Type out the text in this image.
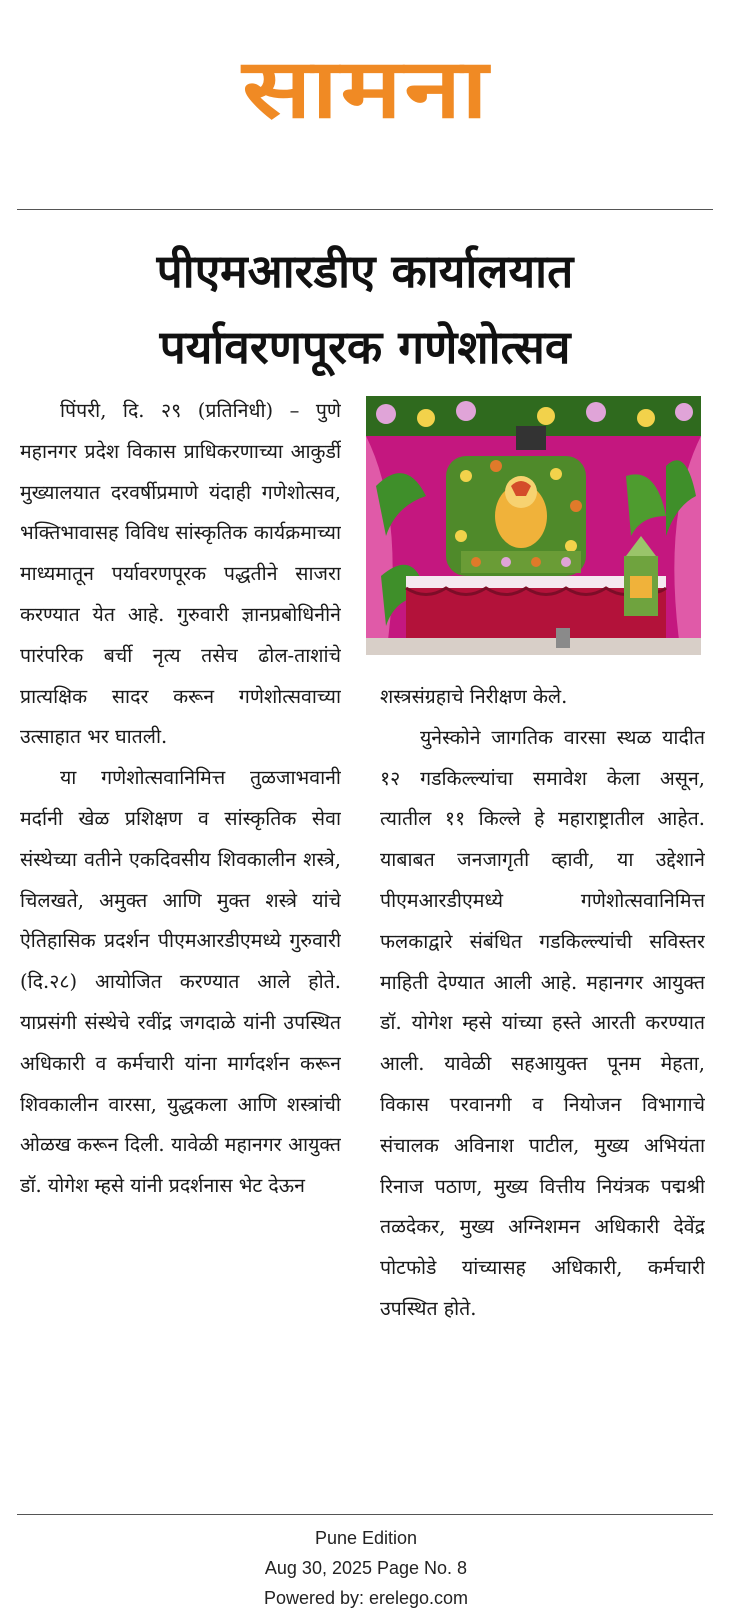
सामना
पीएमआरडीए कार्यालयात
पर्यावरणपूरक गणेशोत्सव

पिंपरी, दि. २९ (प्रतिनिधी) – पुणे महानगर प्रदेश विकास प्राधिकरणाच्या आकुर्डी मुख्यालयात दरवर्षीप्रमाणे यंदाही गणेशोत्सव, भक्तिभावासह विविध सांस्कृतिक कार्यक्रमाच्या माध्यमातून पर्यावरणपूरक पद्धतीने साजरा करण्यात येत आहे. गुरुवारी ज्ञानप्रबोधिनीने पारंपरिक बर्ची नृत्य तसेच ढोल-ताशांचे प्रात्यक्षिक सादर करून गणेशोत्सवाच्या उत्साहात भर घातली.

या गणेशोत्सवानिमित्त तुळजाभवानी मर्दानी खेळ प्रशिक्षण व सांस्कृतिक सेवा संस्थेच्या वतीने एकदिवसीय शिवकालीन शस्त्रे, चिलखते, अमुक्त आणि मुक्त शस्त्रे यांचे ऐतिहासिक प्रदर्शन पीएमआरडीएमध्ये गुरुवारी (दि.२८) आयोजित करण्यात आले होते. याप्रसंगी संस्थेचे रवींद्र जगदाळे यांनी उपस्थित अधिकारी व कर्मचारी यांना मार्गदर्शन करून शिवकालीन वारसा, युद्धकला आणि शस्त्रांची ओळख करून दिली. यावेळी महानगर आयुक्त डॉ. योगेश म्हसे यांनी प्रदर्शनास भेट देऊन

शस्त्रसंग्रहाचे निरीक्षण केले.

युनेस्कोने जागतिक वारसा स्थळ यादीत १२ गडकिल्ल्यांचा समावेश केला असून, त्यातील ११ किल्ले हे महाराष्ट्रातील आहेत. याबाबत जनजागृती व्हावी, या उद्देशाने पीएमआरडीएमध्ये गणेशोत्सवानिमित्त फलकाद्वारे संबंधित गडकिल्ल्यांची सविस्तर माहिती देण्यात आली आहे. महानगर आयुक्त डॉ. योगेश म्हसे यांच्या हस्ते आरती करण्यात आली. यावेळी सहआयुक्त पूनम मेहता, विकास परवानगी व नियोजन विभागाचे संचालक अविनाश पाटील, मुख्य अभियंता रिनाज पठाण, मुख्य वित्तीय नियंत्रक पद्मश्री तळदेकर, मुख्य अग्निशमन अधिकारी देवेंद्र पोटफोडे यांच्यासह अधिकारी, कर्मचारी उपस्थित होते.

Pune Edition
Aug 30, 2025 Page No. 8
Powered by: erelego.com
